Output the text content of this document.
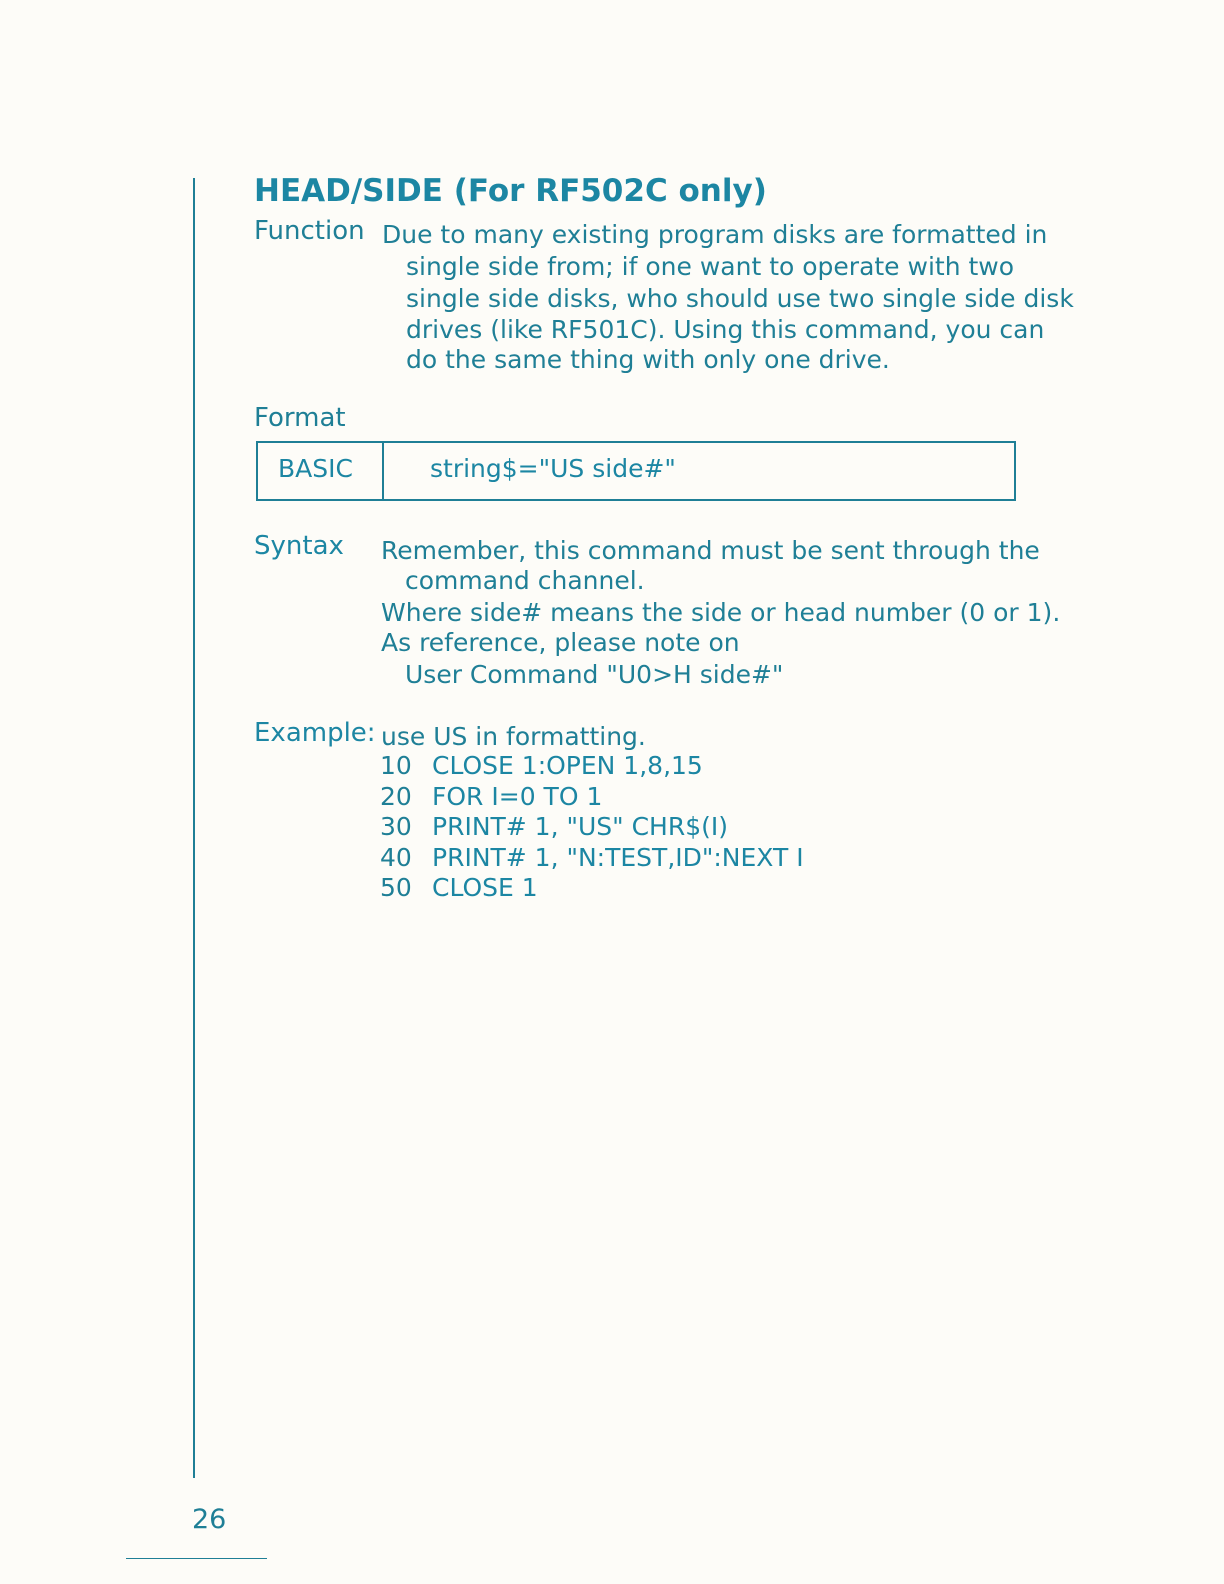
HEAD/SIDE (For RF502C only)
Function Due to many existing program disks are formatted in
single side from; if one want to operate with two
single side disks, who should use two single side disk
drives (like RF501C). Using this command, you can
do the same thing with only one drive.
Format
BASIC	string$="US side#"
Syntax Remember, this command must be sent through the
command channel.
Where side# means the side or head number (0 or 1).
As reference, please note on
User Command "U0>H side#"
Example: use US in formatting.
10 CLOSE 1:OPEN 1,8,15
20 FOR I=0 TO 1
30 PRINT# 1, "US" CHR$(I)
40 PRINT# 1, "N:TEST,ID":NEXT I
50 CLOSE 1
26
